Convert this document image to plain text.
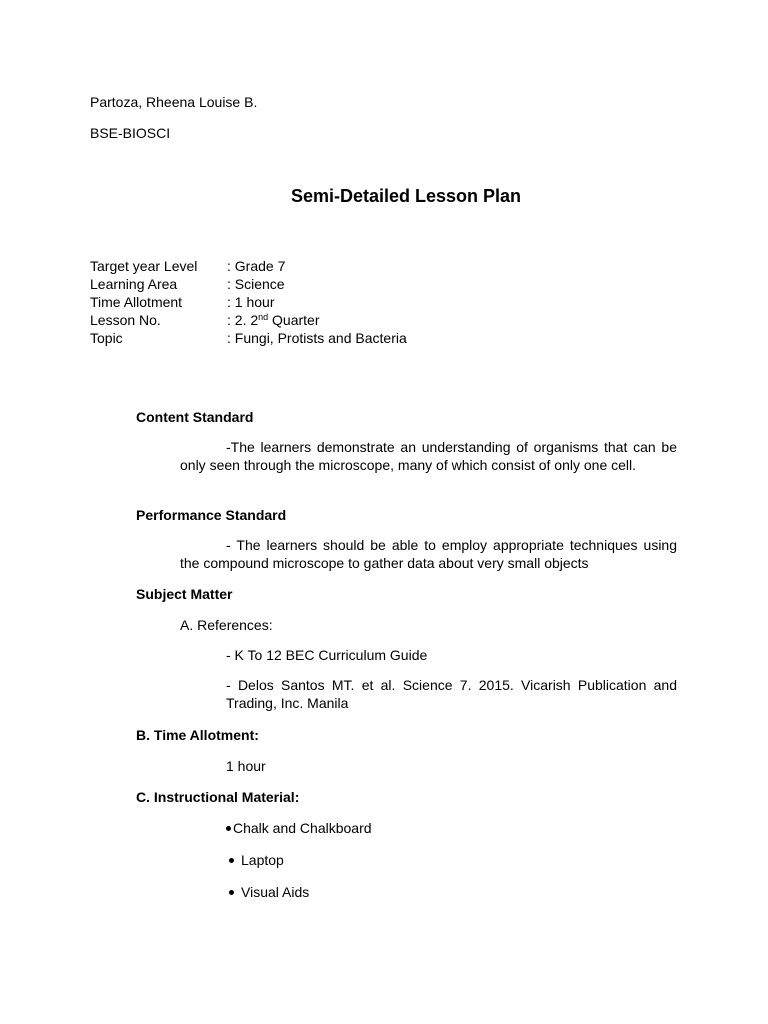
Partoza, Rheena Louise B.
BSE-BIOSCI
Semi-Detailed Lesson Plan
Target year Level : Grade 7
Learning Area	: Science
Time Allotment	: 1 hour
Lesson No.	: 2. 2nd Quarter
Topic	: Fungi, Protists and Bacteria
Content Standard
-The learners demonstrate an understanding of organisms that can be only seen through the microscope, many of which consist of only one cell.
Performance Standard
- The learners should be able to employ appropriate techniques using the compound microscope to gather data about very small objects
Subject Matter
A. References:
- K To 12 BEC Curriculum Guide
- Delos Santos MT. et al. Science 7. 2015. Vicarish Publication and Trading, Inc. Manila
B. Time Allotment:
1 hour
C. Instructional Material:
Chalk and Chalkboard
Laptop
Visual Aids
